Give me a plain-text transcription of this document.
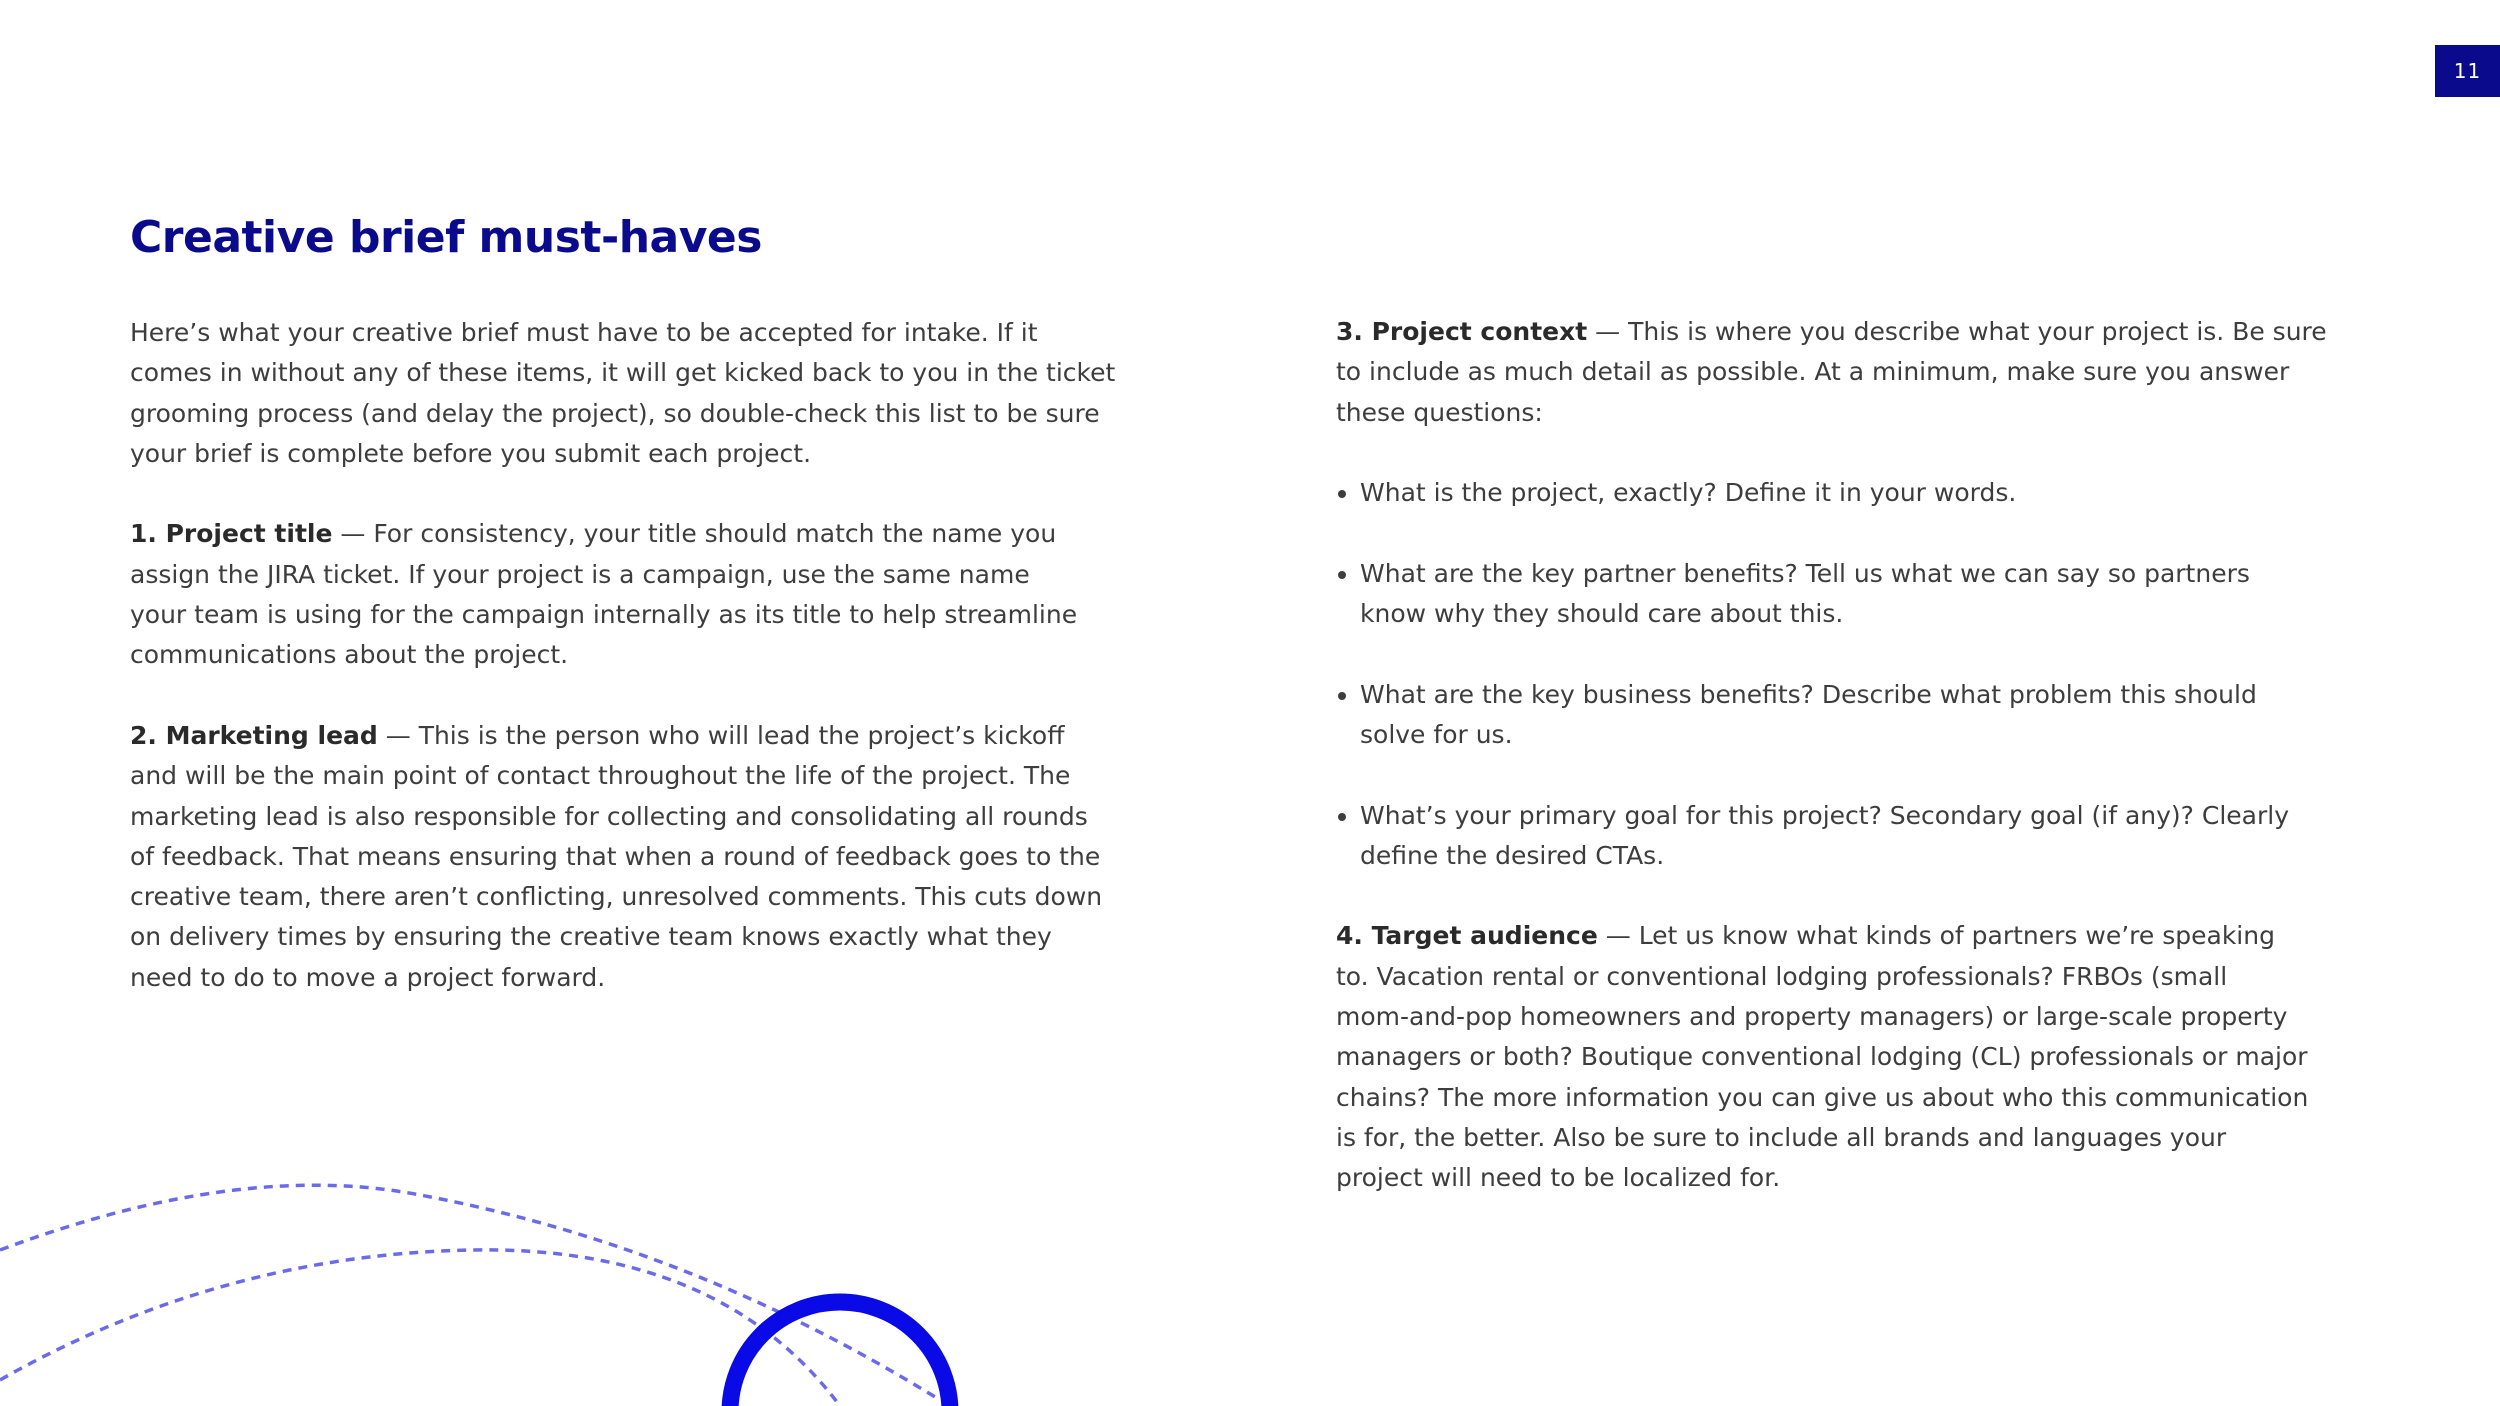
11
Creative brief must-haves

Here’s what your creative brief must have to be accepted for intake. If it
comes in without any of these items, it will get kicked back to you in the ticket
grooming process (and delay the project), so double-check this list to be sure
your brief is complete before you submit each project.

1. Project title — For consistency, your title should match the name you
assign the JIRA ticket. If your project is a campaign, use the same name
your team is using for the campaign internally as its title to help streamline
communications about the project.

2. Marketing lead — This is the person who will lead the project’s kickoff
and will be the main point of contact throughout the life of the project. The
marketing lead is also responsible for collecting and consolidating all rounds
of feedback. That means ensuring that when a round of feedback goes to the
creative team, there aren’t conflicting, unresolved comments. This cuts down
on delivery times by ensuring the creative team knows exactly what they
need to do to move a project forward.

3. Project context — This is where you describe what your project is. Be sure
to include as much detail as possible. At a minimum, make sure you answer
these questions:

What is the project, exactly? Define it in your words.
What are the key partner benefits? Tell us what we can say so partners
know why they should care about this.
What are the key business benefits? Describe what problem this should
solve for us.
What’s your primary goal for this project? Secondary goal (if any)? Clearly
define the desired CTAs.

4. Target audience — Let us know what kinds of partners we’re speaking
to. Vacation rental or conventional lodging professionals? FRBOs (small
mom-and-pop homeowners and property managers) or large-scale property
managers or both? Boutique conventional lodging (CL) professionals or major
chains? The more information you can give us about who this communication
is for, the better. Also be sure to include all brands and languages your
project will need to be localized for.
